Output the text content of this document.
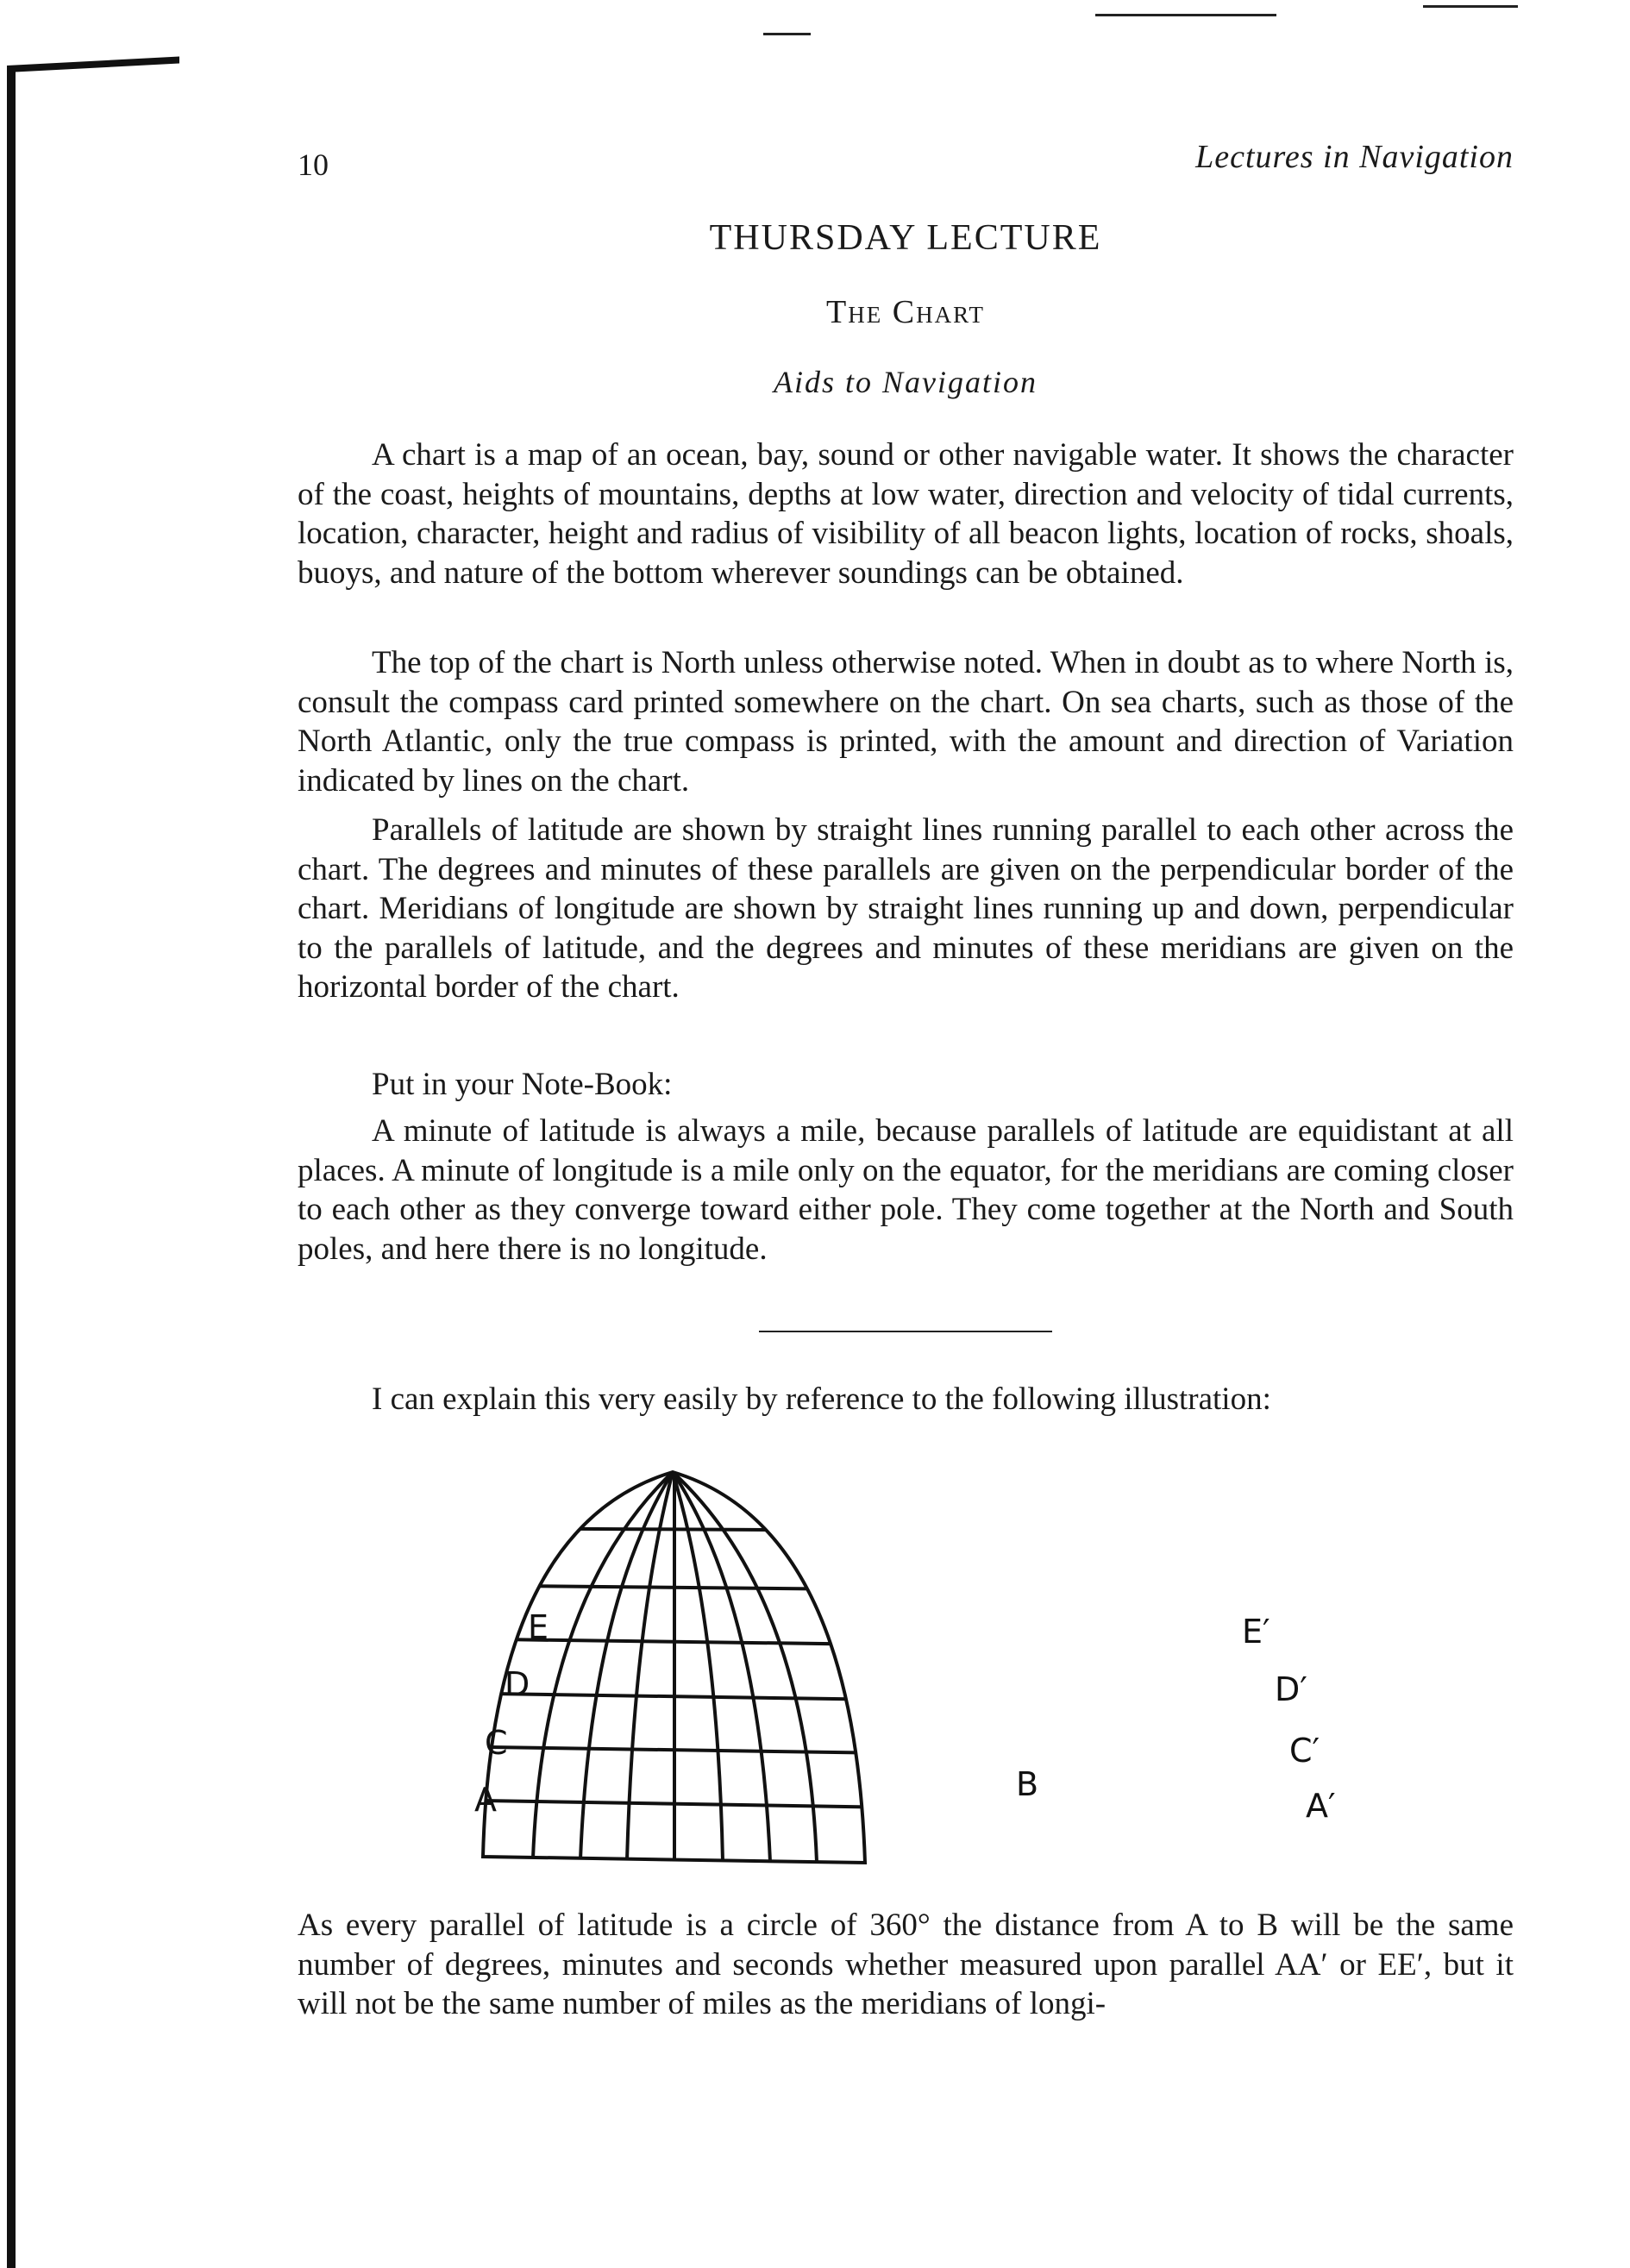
10	Lectures in Navigation
THURSDAY LECTURE
The Chart
Aids to Navigation

A chart is a map of an ocean, bay, sound or other navigable water. It shows the character of the coast, heights of mountains, depths at low water, direction and velocity of tidal currents, location, character, height and radius of visibility of all beacon lights, location of rocks, shoals, buoys, and nature of the bottom wherever soundings can be obtained.

The top of the chart is North unless otherwise noted. When in doubt as to where North is, consult the compass card printed somewhere on the chart. On sea charts, such as those of the North Atlantic, only the true compass is printed, with the amount and direction of Variation indicated by lines on the chart.

Parallels of latitude are shown by straight lines running parallel to each other across the chart. The degrees and minutes of these parallels are given on the perpendicular border of the chart. Meridians of longitude are shown by straight lines running up and down, perpendicular to the parallels of latitude, and the degrees and minutes of these meridians are given on the horizontal border of the chart.

Put in your Note-Book:

A minute of latitude is always a mile, because parallels of latitude are equidistant at all places. A minute of longitude is a mile only on the equator, for the meridians are coming closer to each other as they converge toward either pole. They come together at the North and South poles, and here there is no longitude.

I can explain this very easily by reference to the following illustration:

E
D
C
A	B
E′
D′
C′
A′

As every parallel of latitude is a circle of 360° the distance from A to B will be the same number of degrees, minutes and seconds whether measured upon parallel AA′ or EE′, but it will not be the same number of miles as the meridians of longi-
